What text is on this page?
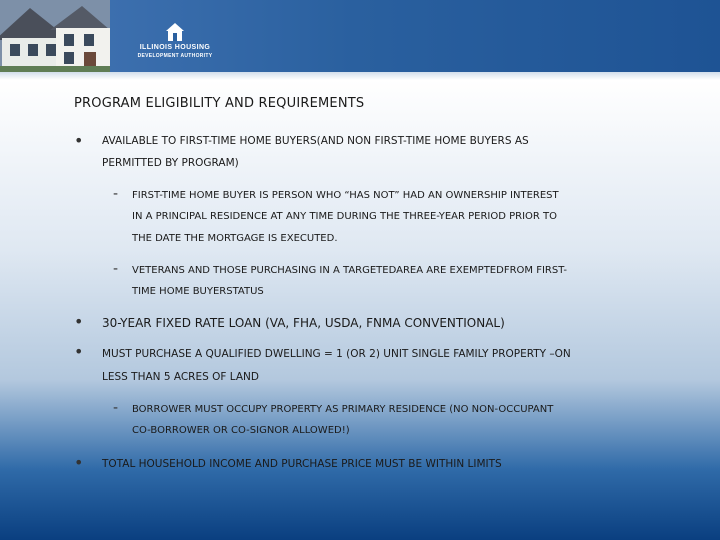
ILLINOIS HOUSING
DEVELOPMENT AUTHORITY
PROGRAM ELIGIBILITY AND REQUIREMENTS
• AVAILABLE TO FIRST-TIME HOME BUYERS(AND NON FIRST-TIME HOME BUYERS AS
PERMITTED BY PROGRAM)
- FIRST-TIME HOME BUYER IS PERSON WHO “HAS NOT” HAD AN OWNERSHIP INTEREST
IN A PRINCIPAL RESIDENCE AT ANY TIME DURING THE THREE-YEAR PERIOD PRIOR TO
THE DATE THE MORTGAGE IS EXECUTED.
- VETERANS AND THOSE PURCHASING IN A TARGETEDAREA ARE EXEMPTEDFROM FIRST-
TIME HOME BUYERSTATUS
• 30-YEAR FIXED RATE LOAN (VA, FHA, USDA, FNMA CONVENTIONAL)
• MUST PURCHASE A QUALIFIED DWELLING = 1 (OR 2) UNIT SINGLE FAMILY PROPERTY –ON
LESS THAN 5 ACRES OF LAND
- BORROWER MUST OCCUPY PROPERTY AS PRIMARY RESIDENCE (NO NON-OCCUPANT
CO-BORROWER OR CO-SIGNOR ALLOWED!)
• TOTAL HOUSEHOLD INCOME AND PURCHASE PRICE MUST BE WITHIN LIMITS
